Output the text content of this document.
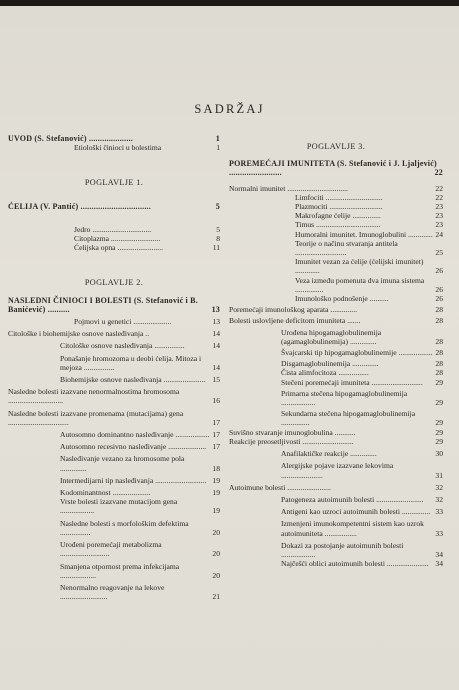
SADRŽAJ
UVOD (S. Stefanović) ....................	1
Etiološki činioci u bolestima	1
POGLAVLJE 1.
ĆELIJA (V. Pantić) ................................	5
Jedro ...............................	5
Citoplazma ..........................	8
Ćelijska opna ........................	11
POGLAVLJE 2.
NASLEDNI ČINIOCI I BOLESTI (S. Stefanović i B. Banićević) ..........	13
Pojmovi u genetici ....................	13
Citološke i biohemijske osnove nasleđivanja ..	14
Citološke osnove nasleđivanja ................	14
Ponašanje hromozoma u deobi ćelija. Mitoza i mejoza ................	14
Biohemijske osnove nasleđivanja ...................... 15
Nasledne bolesti izazvane nenormalnostima hromosoma .............................	16
Nasledne bolesti izazvane promenama (mutacijama) gena ................................	17
Autosomno dominantno nasleđivanje .................. 17
Autosomno recesivno nasleđivanje .................... 17
Nasleđivanje vezano za hromosome pola ..............	18
Intermedijarni tip nasleđivanja ........................... 19
Kodominantnost ....................	19
Vrste bolesti izazvane mutacijom gena ..................	19
Nasledne bolesti s morfološkim defektima ................	20
Urođeni poremećaji metabolizma ..........................	20
Smanjena otpornost prema infekcijama ...................	20
Nenormalno reagovanje na lekove .........................	21
POGLAVLJE 3.
POREMEĆAJI IMUNITETA (S. Stefanović i J. Ljaljević) ........................	22
Normalni imunitet ................................	22
Limfociti ..............................	22
Plazmociti ............................	23
Makrofagne ćelije ...............	23
Timus ..................................	23
Humoralni imunitet. Imunoglobulini ............. 24
Teorije o načinu stvaranja antitela ...........................	25
Imunitet vezan za ćelije (ćelijski imunitet) .............	26
Veza između pomenuta dva imuna sistema ...............	26
Imunološko podnošenje ..........	26
Poremećaji imunološkog aparata ..............	28
Bolesti uslovljene deficitom imuniteta .......	28
Urođena hipogamaglobulinemija (agamaglobulinemija) ..............	28
Švajcarski tip hipogamaglobulinemije .................. 28
Disgamaglobulinemija ..............	28
Čista alimfocitoza ................	28
Stečeni poremećaji imuniteta ...........................	29
Primarna stečena hipogamaglobulinemija ..................	29
Sekundarna stečena hipogamaglobulinemija ...............	29
Suvišno stvaranje imunoglobulina ...........	29
Reakcije preosetljivosti ...........................	29
Anafilaktičke reakcije ..............	30
Alergijske pojave izazvane lekovima ......................	31
Autoimune bolesti .......................	32
Patogeneza autoimunih bolesti .........................	32
Antigeni kao uzroci autoimunih bolesti ............... 33
Izmenjeni imunokompetentni sistem kao uzrok autoimuniteta .................	33
Dokazi za postojanje autoimunih bolesti ..................	34
Najčešći oblici autoimunih bolesti ...................... 34
